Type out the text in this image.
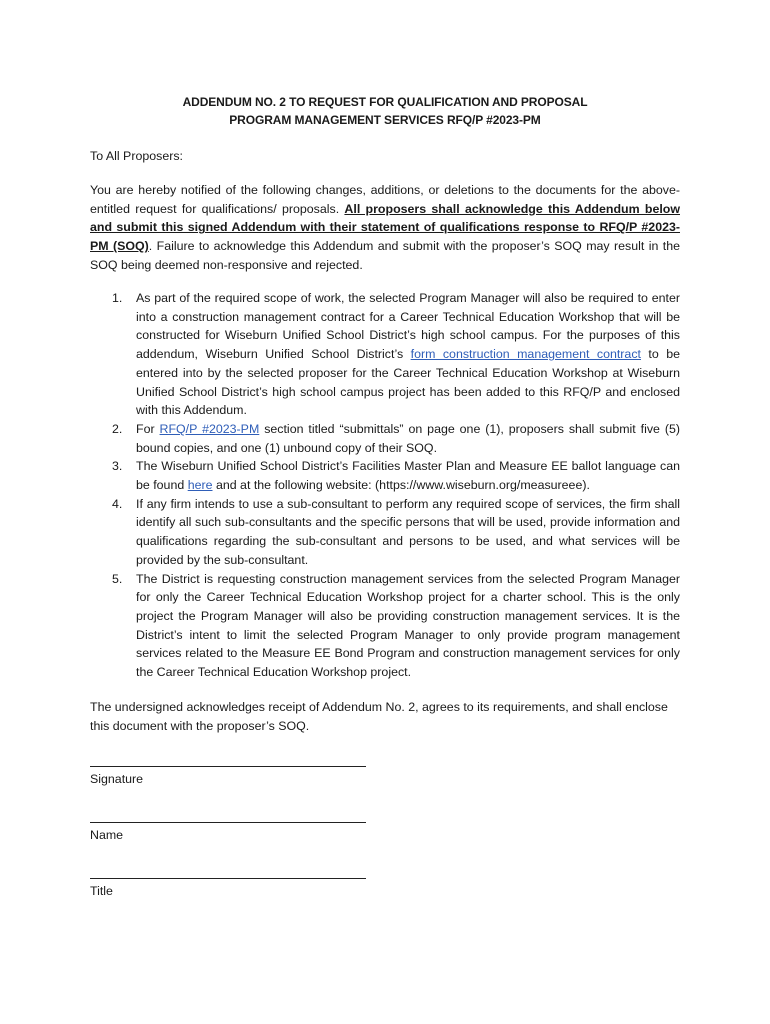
ADDENDUM NO. 2 TO REQUEST FOR QUALIFICATION AND PROPOSAL
PROGRAM MANAGEMENT SERVICES RFQ/P #2023-PM
To All Proposers:
You are hereby notified of the following changes, additions, or deletions to the documents for the above-entitled request for qualifications/ proposals. All proposers shall acknowledge this Addendum below and submit this signed Addendum with their statement of qualifications response to RFQ/P #2023-PM (SOQ). Failure to acknowledge this Addendum and submit with the proposer’s SOQ may result in the SOQ being deemed non-responsive and rejected.
1. As part of the required scope of work, the selected Program Manager will also be required to enter into a construction management contract for a Career Technical Education Workshop that will be constructed for Wiseburn Unified School District’s high school campus. For the purposes of this addendum, Wiseburn Unified School District’s form construction management contract to be entered into by the selected proposer for the Career Technical Education Workshop at Wiseburn Unified School District’s high school campus project has been added to this RFQ/P and enclosed with this Addendum.
2. For RFQ/P #2023-PM section titled “submittals” on page one (1), proposers shall submit five (5) bound copies, and one (1) unbound copy of their SOQ.
3. The Wiseburn Unified School District’s Facilities Master Plan and Measure EE ballot language can be found here and at the following website: (https://www.wiseburn.org/measureee).
4. If any firm intends to use a sub-consultant to perform any required scope of services, the firm shall identify all such sub-consultants and the specific persons that will be used, provide information and qualifications regarding the sub-consultant and persons to be used, and what services will be provided by the sub-consultant.
5. The District is requesting construction management services from the selected Program Manager for only the Career Technical Education Workshop project for a charter school. This is the only project the Program Manager will also be providing construction management services. It is the District’s intent to limit the selected Program Manager to only provide program management services related to the Measure EE Bond Program and construction management services for only the Career Technical Education Workshop project.
The undersigned acknowledges receipt of Addendum No. 2, agrees to its requirements, and shall enclose this document with the proposer’s SOQ.
Signature
Name
Title
